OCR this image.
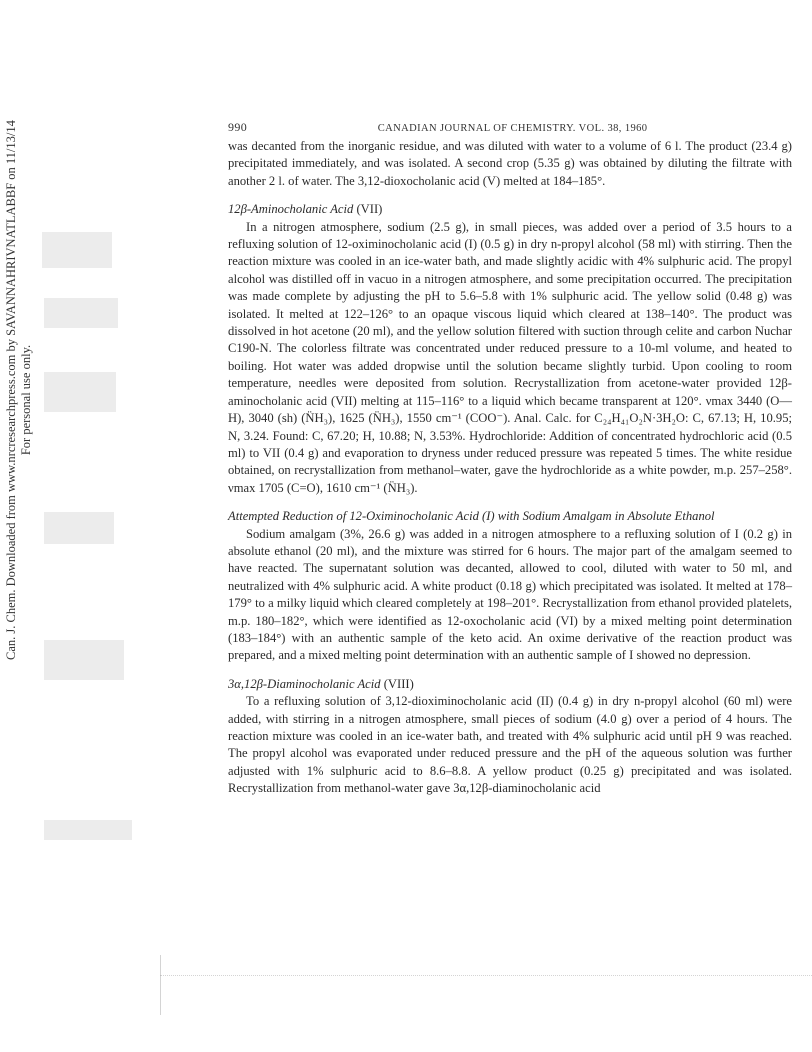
Can. J. Chem. Downloaded from www.nrcresearchpress.com by SAVANNAHRIVNATLABBF on 11/13/14 For personal use only.
990	CANADIAN JOURNAL OF CHEMISTRY. VOL. 38, 1960

was decanted from the inorganic residue, and was diluted with water to a volume of 6 l. The product (23.4 g) precipitated immediately, and was isolated. A second crop (5.35 g) was obtained by diluting the filtrate with another 2 l. of water. The 3,12-dioxocholanic acid (V) melted at 184–185°.

12β-Aminocholanic Acid (VII)

In a nitrogen atmosphere, sodium (2.5 g), in small pieces, was added over a period of 3.5 hours to a refluxing solution of 12-oximinocholanic acid (I) (0.5 g) in dry n-propyl alcohol (58 ml) with stirring. Then the reaction mixture was cooled in an ice-water bath, and made slightly acidic with 4% sulphuric acid. The propyl alcohol was distilled off in vacuo in a nitrogen atmosphere, and some precipitation occurred. The precipitation was made complete by adjusting the pH to 5.6–5.8 with 1% sulphuric acid. The yellow solid (0.48 g) was isolated. It melted at 122–126° to an opaque viscous liquid which cleared at 138–140°. The product was dissolved in hot acetone (20 ml), and the yellow solution filtered with suction through celite and carbon Nuchar C190-N. The colorless filtrate was concentrated under reduced pressure to a 10-ml volume, and heated to boiling. Hot water was added dropwise until the solution became slightly turbid. Upon cooling to room temperature, needles were deposited from solution. Recrystallization from acetone-water provided 12β-aminocholanic acid (VII) melting at 115–116° to a liquid which became transparent at 120°. νmax 3440 (O—H), 3040 (sh) (N̈H₃), 1625 (N̈H₃), 1550 cm⁻¹ (COO⁻). Anal. Calc. for C₂₄H₄₁O₂N·3H₂O: C, 67.13; H, 10.95; N, 3.24. Found: C, 67.20; H, 10.88; N, 3.53%. Hydrochloride: Addition of concentrated hydrochloric acid (0.5 ml) to VII (0.4 g) and evaporation to dryness under reduced pressure was repeated 5 times. The white residue obtained, on recrystallization from methanol–water, gave the hydrochloride as a white powder, m.p. 257–258°. νmax 1705 (C=O), 1610 cm⁻¹ (N̈H₃).

Attempted Reduction of 12-Oximinocholanic Acid (I) with Sodium Amalgam in Absolute Ethanol

Sodium amalgam (3%, 26.6 g) was added in a nitrogen atmosphere to a refluxing solution of I (0.2 g) in absolute ethanol (20 ml), and the mixture was stirred for 6 hours. The major part of the amalgam seemed to have reacted. The supernatant solution was decanted, allowed to cool, diluted with water to 50 ml, and neutralized with 4% sulphuric acid. A white product (0.18 g) which precipitated was isolated. It melted at 178–179° to a milky liquid which cleared completely at 198–201°. Recrystallization from ethanol provided platelets, m.p. 180–182°, which were identified as 12-oxocholanic acid (VI) by a mixed melting point determination (183–184°) with an authentic sample of the keto acid. An oxime derivative of the reaction product was prepared, and a mixed melting point determination with an authentic sample of I showed no depression.

3α,12β-Diaminocholanic Acid (VIII)

To a refluxing solution of 3,12-dioximinocholanic acid (II) (0.4 g) in dry n-propyl alcohol (60 ml) were added, with stirring in a nitrogen atmosphere, small pieces of sodium (4.0 g) over a period of 4 hours. The reaction mixture was cooled in an ice-water bath, and treated with 4% sulphuric acid until pH 9 was reached. The propyl alcohol was evaporated under reduced pressure and the pH of the aqueous solution was further adjusted with 1% sulphuric acid to 8.6–8.8. A yellow product (0.25 g) precipitated and was isolated. Recrystallization from methanol-water gave 3α,12β-diaminocholanic acid
